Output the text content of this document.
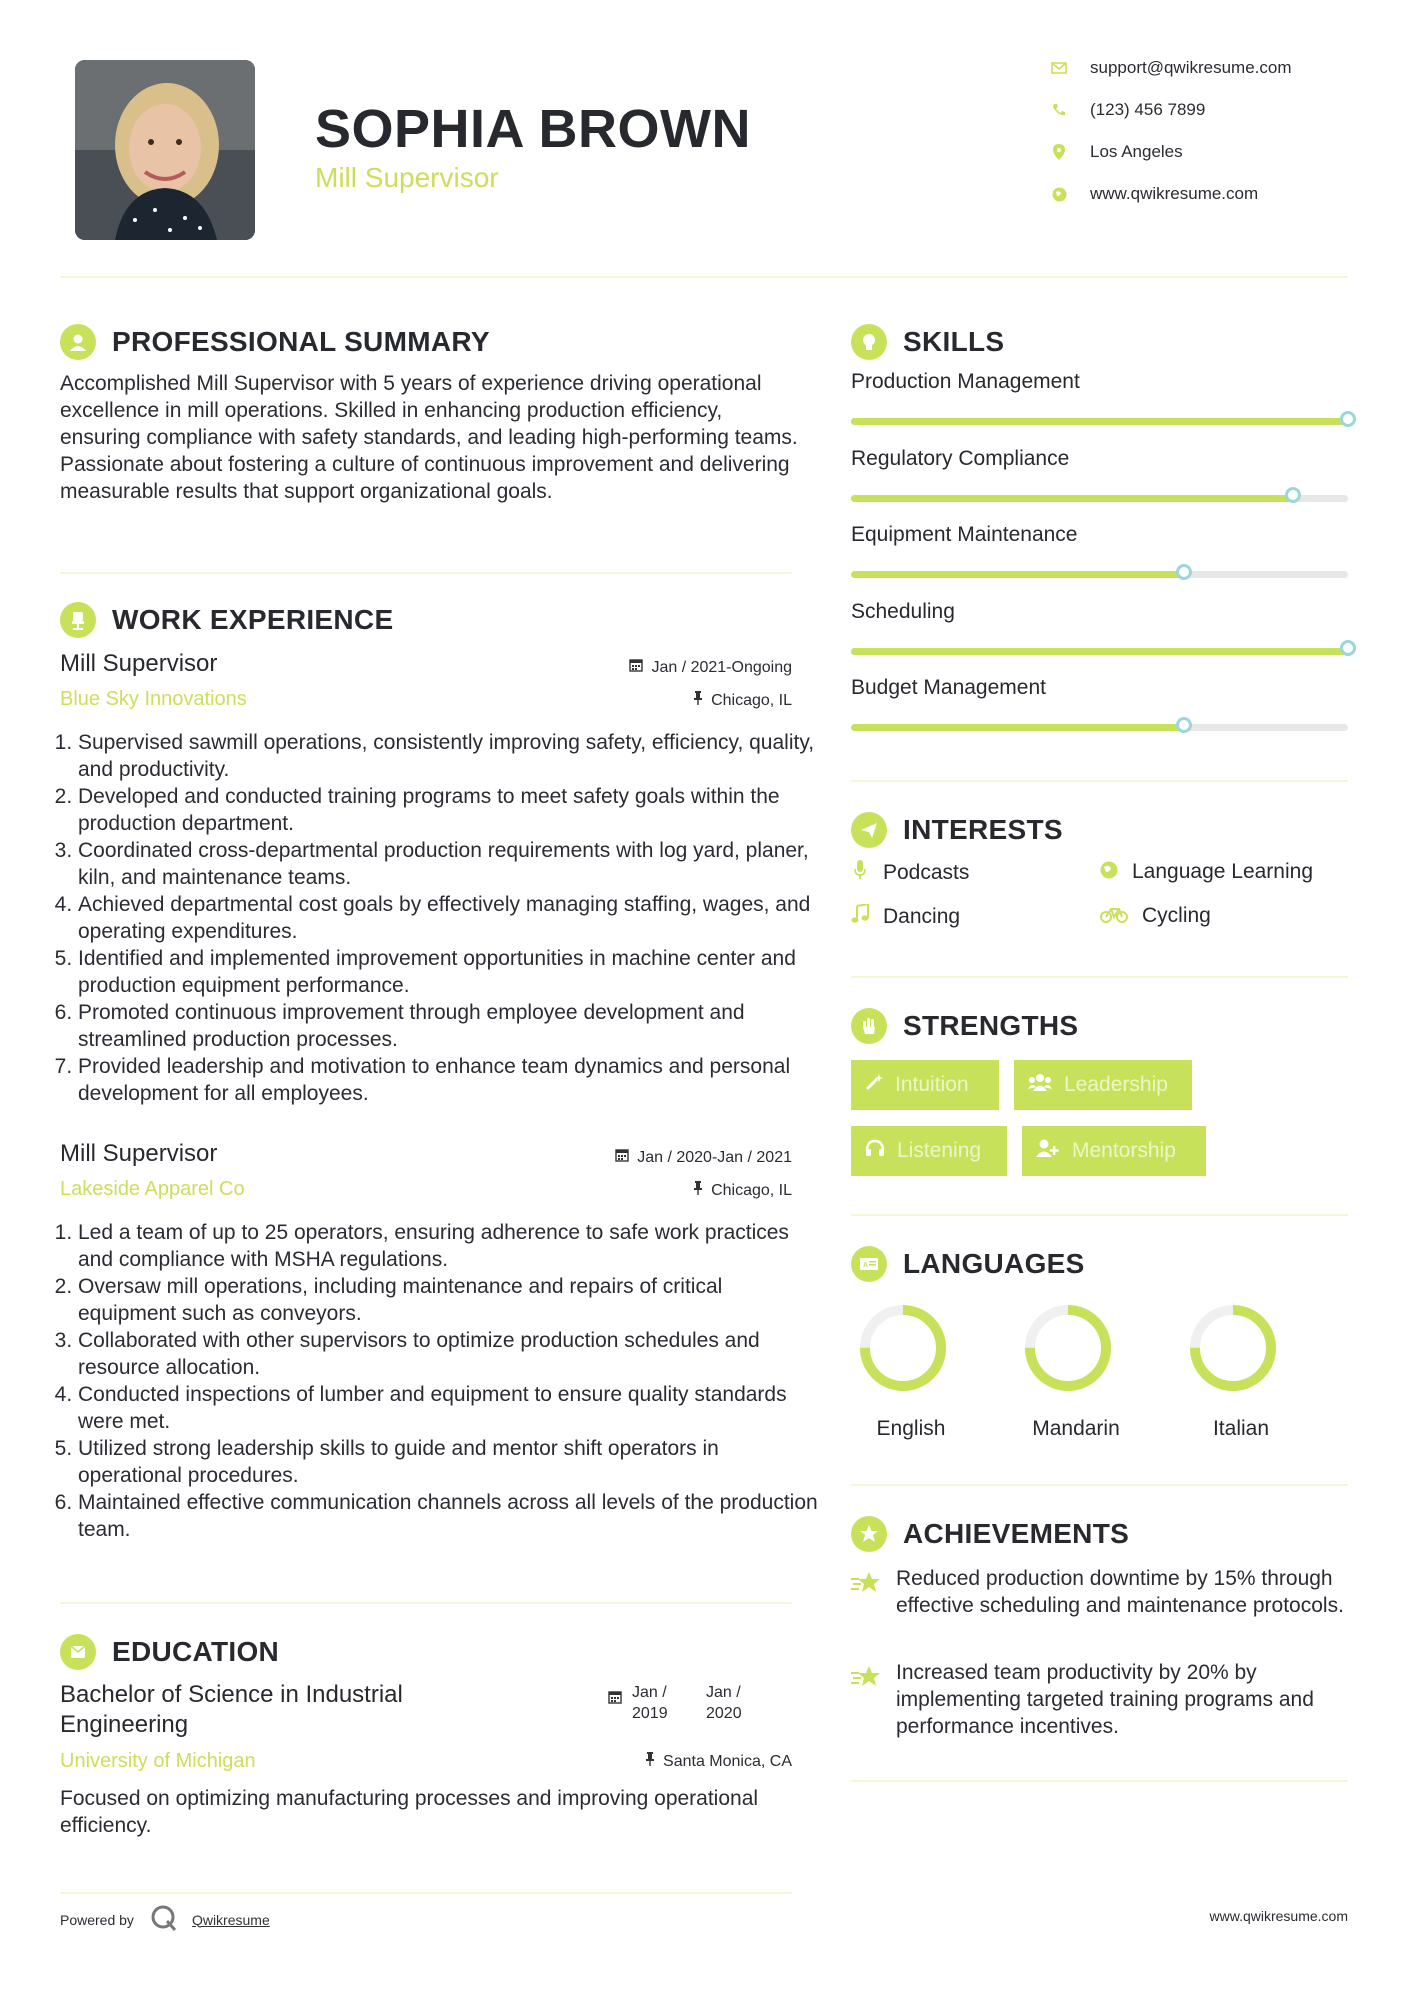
SOPHIA BROWN
Mill Supervisor
support@qwikresume.com
(123) 456 7899
Los Angeles
www.qwikresume.com
PROFESSIONAL SUMMARY
Accomplished Mill Supervisor with 5 years of experience driving operational excellence in mill operations. Skilled in enhancing production efficiency, ensuring compliance with safety standards, and leading high-performing teams. Passionate about fostering a culture of continuous improvement and delivering measurable results that support organizational goals.
WORK EXPERIENCE
Mill Supervisor	Jan / 2021-Ongoing
Blue Sky Innovations	Chicago, IL
1. Supervised sawmill operations, consistently improving safety, efficiency, quality, and productivity.
2. Developed and conducted training programs to meet safety goals within the production department.
3. Coordinated cross-departmental production requirements with log yard, planer, kiln, and maintenance teams.
4. Achieved departmental cost goals by effectively managing staffing, wages, and operating expenditures.
5. Identified and implemented improvement opportunities in machine center and production equipment performance.
6. Promoted continuous improvement through employee development and streamlined production processes.
7. Provided leadership and motivation to enhance team dynamics and personal development for all employees.
Mill Supervisor	Jan / 2020-Jan / 2021
Lakeside Apparel Co	Chicago, IL
1. Led a team of up to 25 operators, ensuring adherence to safe work practices and compliance with MSHA regulations.
2. Oversaw mill operations, including maintenance and repairs of critical equipment such as conveyors.
3. Collaborated with other supervisors to optimize production schedules and resource allocation.
4. Conducted inspections of lumber and equipment to ensure quality standards were met.
5. Utilized strong leadership skills to guide and mentor shift operators in operational procedures.
6. Maintained effective communication channels across all levels of the production team.
EDUCATION
Bachelor of Science in Industrial Engineering
Jan / 2019
Jan / 2020
University of Michigan	Santa Monica, CA
Focused on optimizing manufacturing processes and improving operational efficiency.
SKILLS
Production Management
Regulatory Compliance
Equipment Maintenance
Scheduling
Budget Management
INTERESTS
Podcasts	Language Learning
Dancing	Cycling
STRENGTHS
Intuition	Leadership
Listening	Mentorship
A LANGUAGES
English	Mandarin	Italian
ACHIEVEMENTS
Reduced production downtime by 15% through effective scheduling and maintenance protocols.
Increased team productivity by 20% by implementing targeted training programs and performance incentives.
Powered by	Qwikresume	www.qwikresume.com
